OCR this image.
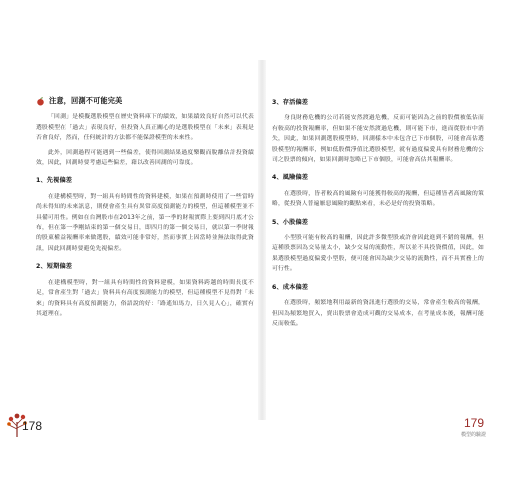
注意，回測不可能完美

「回測」是模擬選股模型在歷史資料庫下的績效，如果績效良好自然可以代表選股模型在「過去」表現良好，但投資人真正關心的是選股模型在「未來」表現是否會良好，然而，任何統計的方法都不能保證模型的未來性。

此外，回測過程可能遇到一些偏差，使得回測結果過度樂觀而脫離估計投資績效，因此，回測時要考慮這些偏差，藉以改善回測的可靠度。

1、先視偏差

在建構模型時，對一組具有時間性的資料建模，如果在預測時使用了一些當時尚未得知的未來訊息，則便會產生具有異常高度預測能力的模型，但這種模型並不具備可用性。例如在台灣股市在2013年之前，第一季的財報實際上要到四月底才公布，但在第一季剛結束的第一個交易日，即四月的第一個交易日，就以第一季財報的股東權益報酬率來做選股，績效可能非常好，然而事實上因當時並無法取得此資訊，因此回測時要避免先視偏差。

2、短期偏差

在建構模型時，對一組具有時間性的資料建模，如果資料跨越的時間長度不足，常會產生對「過去」資料具有高度預測能力的模型，但這種模型不見得對「未來」的資料具有高度預測能力，俗語說的好：「路遙知馬力，日久見人心」，確實有其道理在。

3、存活偏差

身良財務危機的公司若能安然渡過危機，反而可能因為之前的股價被低估而有較高的投資報酬率，但如果不能安然渡過危機，則可能下市，進而從股市中消失，因此，如果回測選股模型時，回測樣本中未包含已下市個股，可能會高估選股模型的報酬率，例如低股價淨值比選股模型，就有過度偏愛具有財務危機的公司之股票的傾向，如果回測時忽略已下市個股，可能會高估其報酬率。

4、風險偏差

在選股時，皆者較高的風險有可能獲得較高的報酬，但這種皆者高風險的策略，從投資人普遍厭惡風險的觀點來看，未必是好的投資策略。

5、小股偏差

小型股可能有較高的報酬，因此許多微型股或許會因此進到不錯的報酬，但這種股票因為交易量太小，缺少交易的流動性，所以並不具投資價值，因此，如果選股模型過度偏愛小型股，便可能會因為缺少交易的流動性，而不具實務上的可行性。

6、成本偏差

在選股時，頻繁地利用最新的資訊進行選股的交易，常會產生較高的報酬，但因為頻繁地買入，賣出股票會造成可觀的交易成本，在考量成本後，報酬可能反而較低。

178	179
模型的驗證
